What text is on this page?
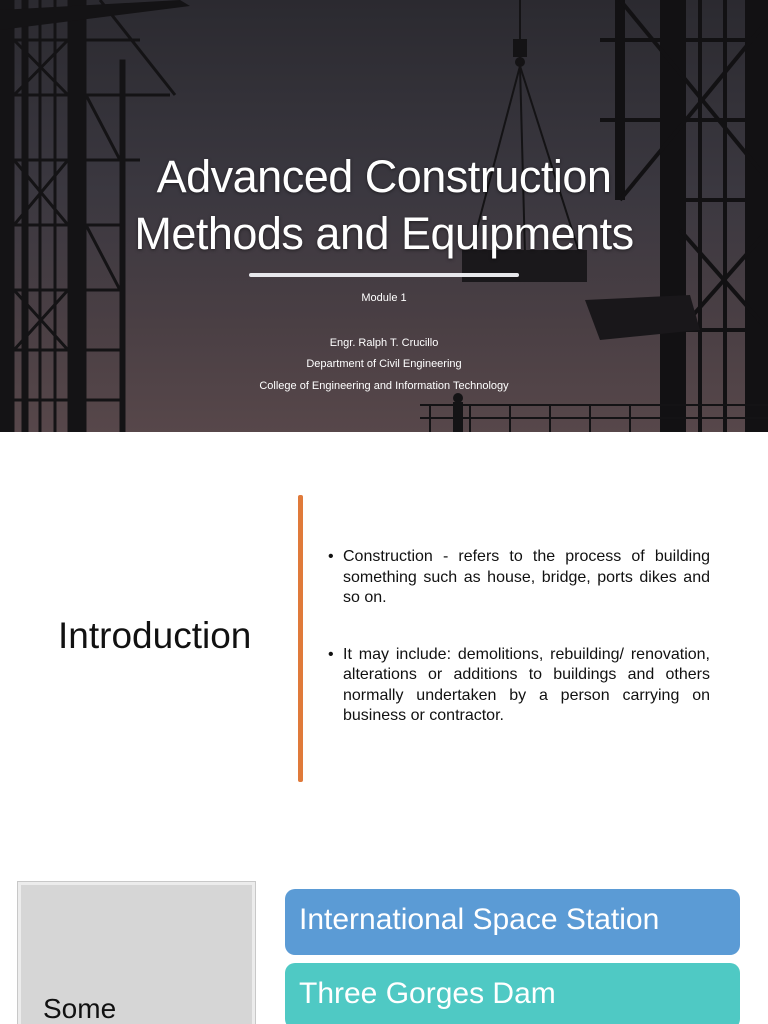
Advanced Construction
Methods and Equipments
Module 1
Engr. Ralph T. Crucillo
Department of Civil Engineering
College of Engineering and Information Technology
Introduction
• Construction - refers to the process of building something such as house, bridge, ports dikes and so on.
• It may include: demolitions, rebuilding/ renovation, alterations or additions to buildings and others normally undertaken by a person carrying on business or contractor.
Some
International Space Station
Three Gorges Dam
